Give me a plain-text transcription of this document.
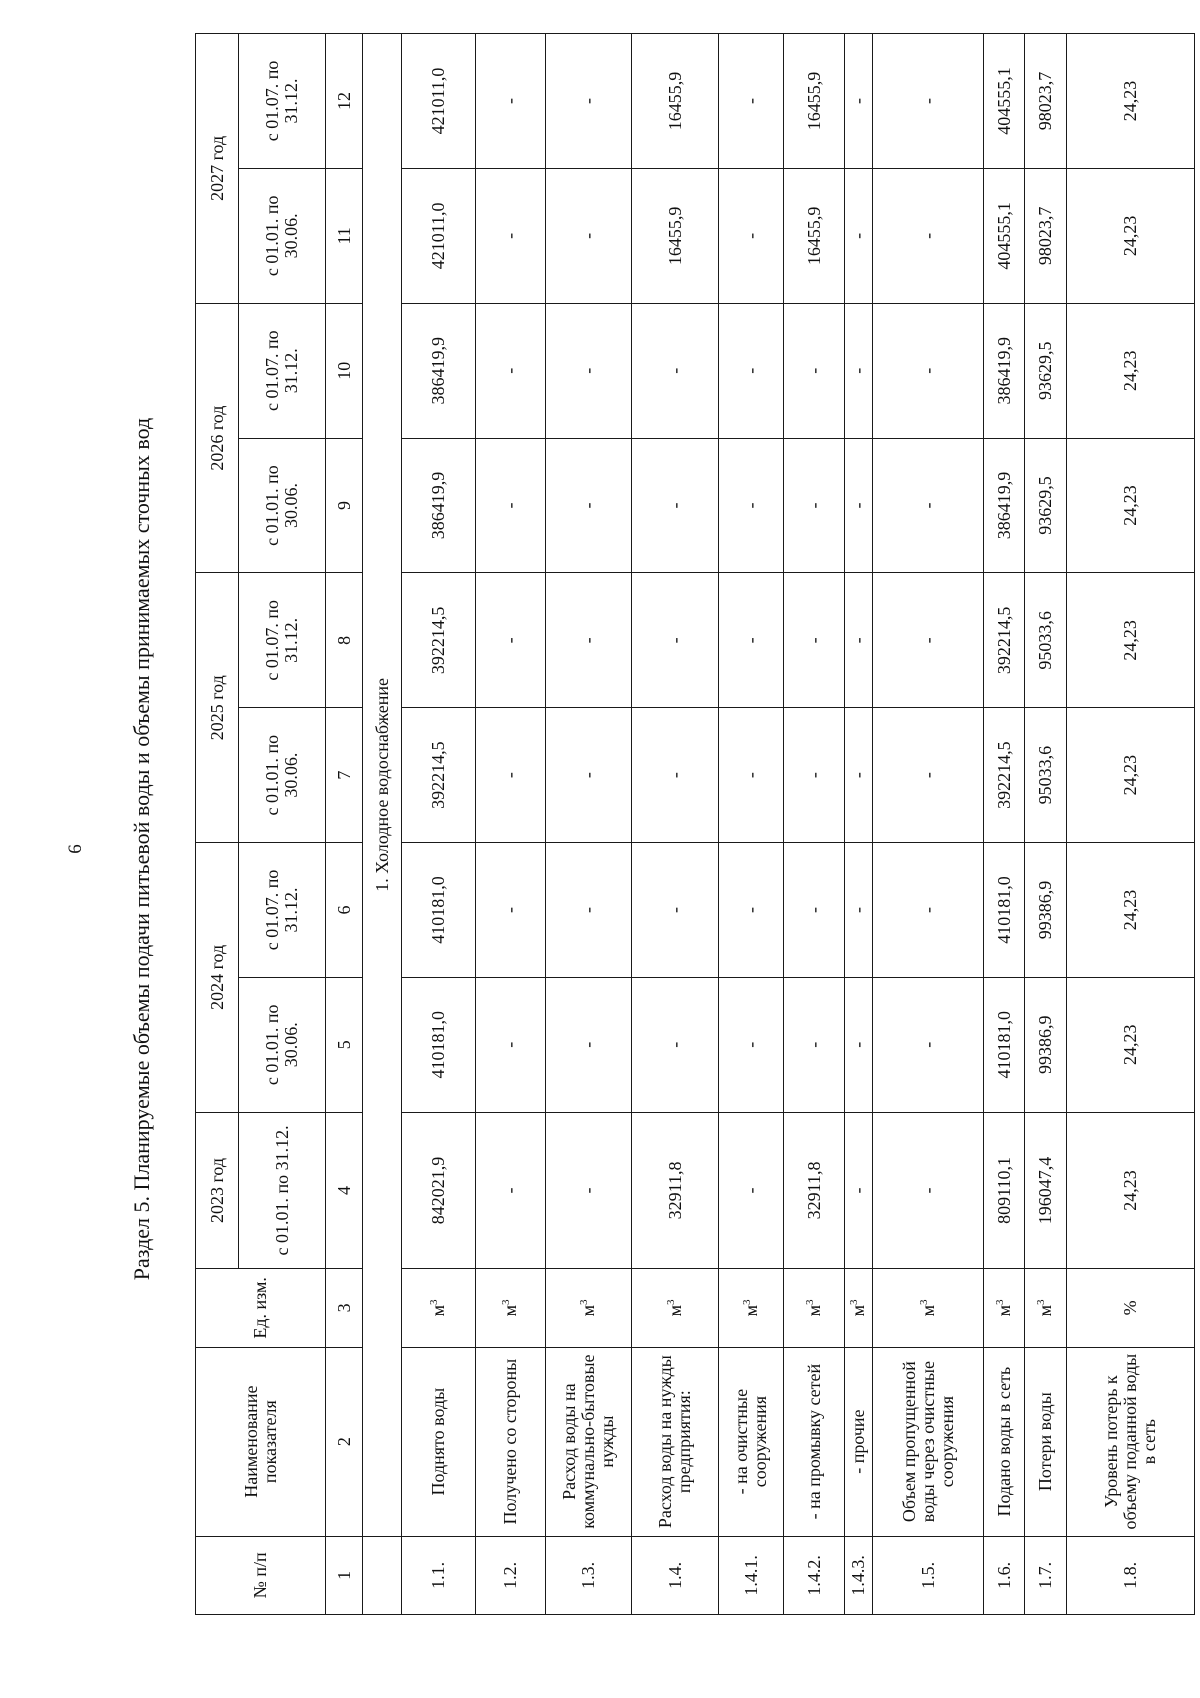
6 Раздел 5. Планируемые объемы подачи питьевой воды и объемы принимаемых сточных вод
№ п/п	Наименование показателя	Ед. изм.	2023 год	2024 год		2025 год		2026 год		2027 год	
			с 01.01. по 31.12.	с 01.01. по 30.06.	с 01.07. по 31.12.	с 01.01. по 30.06.	с 01.07. по 31.12.	с 01.01. по 30.06.	с 01.07. по 31.12.	с 01.01. по 30.06.	с 01.07. по 31.12.
1	2	3	4	5	6	7	8	9	10	11	12
	1. Холодное водоснабжение										
1.1.	Поднято воды	$м^3$	842021,9	410181,0	410181,0	392214,5	392214,5	386419,9	386419,9	421011,0	421011,0
1.2.	Получено со стороны	$м^3$	-	-	-	-	-	-	-	-	-
1.3.	Расход воды на коммунально-бытовые нужды	$м^3$	-	-	-	-	-	-	-	-	-
1.4.	Расход воды на нужды предприятия:	$м^3$	32911,8	-	-	-	-	-	-	16455,9	16455,9
1.4.1.	- на очистные сооружения	$м^3$	-	-	-	-	-	-	-	-	-
1.4.2.	- на промывку сетей	$м^3$	32911,8	-	-	-	-	-	-	16455,9	16455,9
1.4.3.	- прочие	$м^3$	-	-	-	-	-	-	-	-	-
1.5.	Объем пропущенной воды через очистные сооружения	$м^3$	-	-	-	-	-	-	-	-	-
1.6.	Подано воды в сеть	$м^3$	809110,1	410181,0	410181,0	392214,5	392214,5	386419,9	386419,9	404555,1	404555,1
1.7.	Потери воды	$м^3$	196047,4	99386,9	99386,9	95033,6	95033,6	93629,5	93629,5	98023,7	98023,7
1.8.	Уровень потерь к объему поданной воды в сеть	%	24,23	24,23	24,23	24,23	24,23	24,23	24,23	24,23	24,23
